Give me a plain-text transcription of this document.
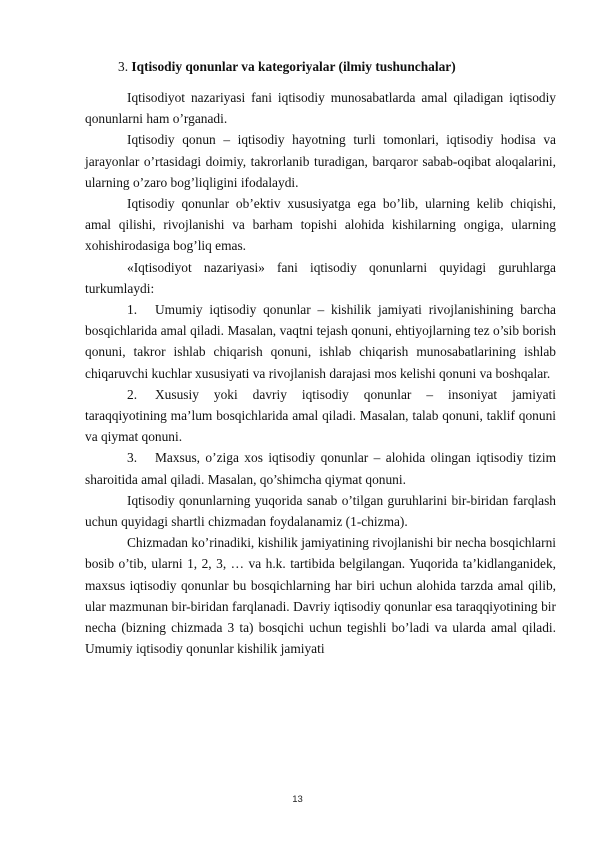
3. Iqtisodiy qonunlar va kategoriyalar (ilmiy tushunchalar)

Iqtisodiyot nazariyasi fani iqtisodiy munosabatlarda amal qiladigan iqtisodiy qonunlarni ham o’rganadi.

Iqtisodiy qonun – iqtisodiy hayotning turli tomonlari, iqtisodiy hodisa va jarayonlar o’rtasidagi doimiy, takrorlanib turadigan, barqaror sabab-oqibat aloqalarini, ularning o’zaro bog’liqligini ifodalaydi.

Iqtisodiy qonunlar ob’ektiv xususiyatga ega bo’lib, ularning kelib chiqishi, amal qilishi, rivojlanishi va barham topishi alohida kishilarning ongiga, ularning xohishirodasiga bog’liq emas.

«Iqtisodiyot nazariyasi» fani iqtisodiy qonunlarni quyidagi guruhlarga turkumlaydi:

1. Umumiy iqtisodiy qonunlar – kishilik jamiyati rivojlanishining barcha bosqichlarida amal qiladi. Masalan, vaqtni tejash qonuni, ehtiyojlarning tez o’sib borish qonuni, takror ishlab chiqarish qonuni, ishlab chiqarish munosabatlarining ishlab chiqaruvchi kuchlar xususiyati va rivojlanish darajasi mos kelishi qonuni va boshqalar.

2. Xususiy yoki davriy iqtisodiy qonunlar – insoniyat jamiyati taraqqiyotining ma’lum bosqichlarida amal qiladi. Masalan, talab qonuni, taklif qonuni va qiymat qonuni.

3. Maxsus, o’ziga xos iqtisodiy qonunlar – alohida olingan iqtisodiy tizim sharoitida amal qiladi. Masalan, qo’shimcha qiymat qonuni.

Iqtisodiy qonunlarning yuqorida sanab o’tilgan guruhlarini bir-biridan farqlash uchun quyidagi shartli chizmadan foydalanamiz (1-chizma).

Chizmadan ko’rinadiki, kishilik jamiyatining rivojlanishi bir necha bosqichlarni bosib o’tib, ularni 1, 2, 3, … va h.k. tartibida belgilangan. Yuqorida ta’kidlanganidek, maxsus iqtisodiy qonunlar bu bosqichlarning har biri uchun alohida tarzda amal qilib, ular mazmunan bir-biridan farqlanadi. Davriy iqtisodiy qonunlar esa taraqqiyotining bir necha (bizning chizmada 3 ta) bosqichi uchun tegishli bo’ladi va ularda amal qiladi. Umumiy iqtisodiy qonunlar kishilik jamiyati

13
